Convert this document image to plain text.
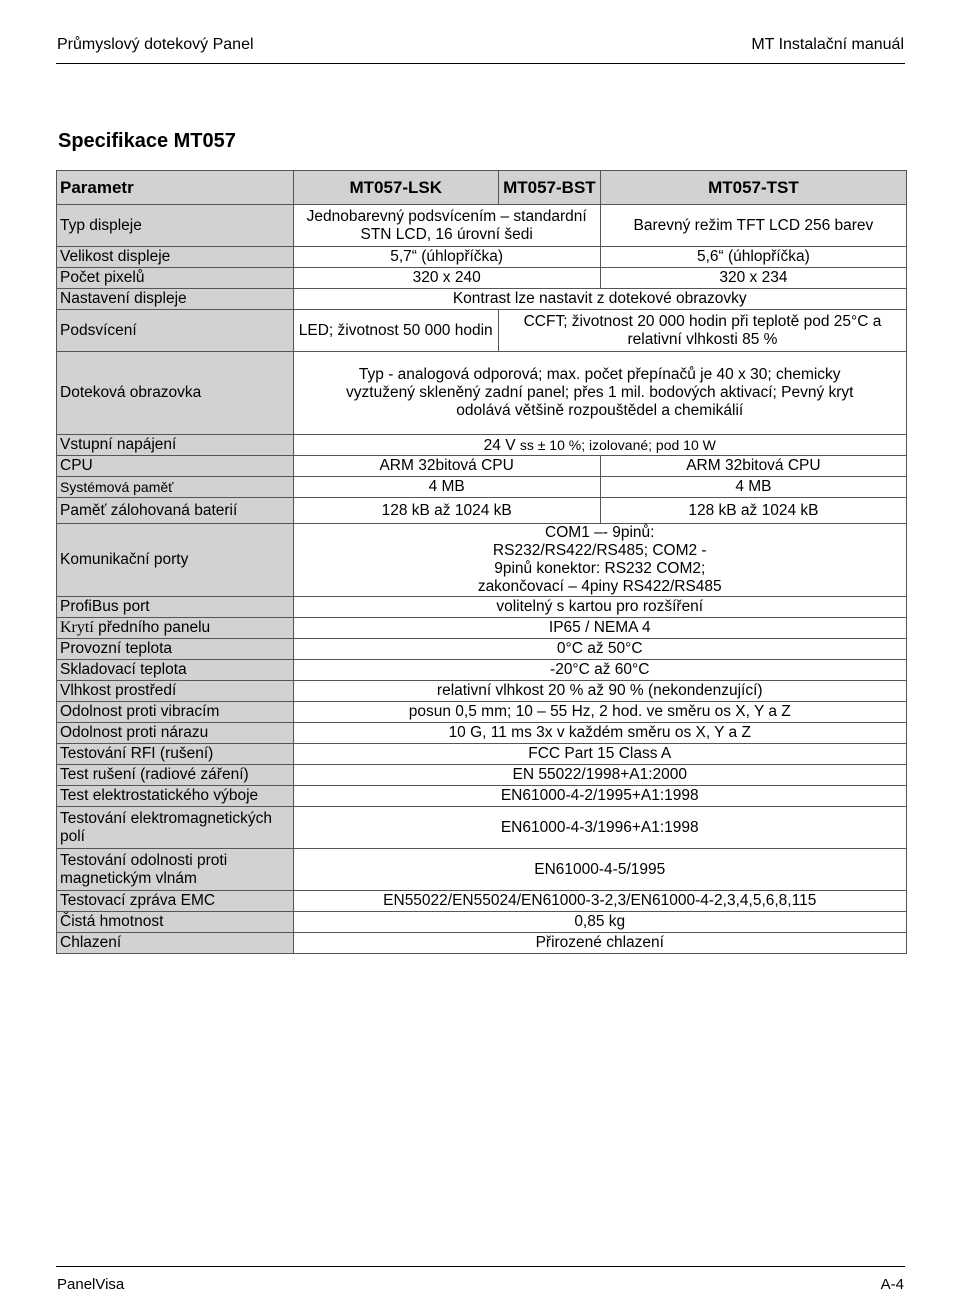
Průmyslový dotekový Panel	MT Instalační manuál
Specifikace MT057
Parametr	MT057-LSK	MT057-BST	MT057-TST
Typ displeje	Jednobarevný podsvícením – standardní STN LCD, 16 úrovní šedi		Barevný režim TFT LCD 256 barev
Velikost displeje	5,7“ (úhlopříčka)		5,6“ (úhlopříčka)
Počet pixelů	320 x 240		320 x 234
Nastavení displeje	Kontrast lze nastavit z dotekové obrazovky		
Podsvícení	LED; životnost 50 000 hodin	CCFT; životnost 20 000 hodin při teplotě pod 25°C a relativní vlhkosti 85 %	
Doteková obrazovka	Typ - analogová odporová; max. počet přepínačů je 40 x 30; chemicky vyztužený skleněný zadní panel; přes 1 mil. bodových aktivací; Pevný kryt odolává většině rozpouštědel a chemikálií		
Vstupní napájení	24 V ss ± 10 %; izolované; pod 10 W		
CPU	ARM 32bitová CPU		ARM 32bitová CPU
Systémová paměť	4 MB		4 MB
Paměť zálohovaná baterií	128 kB až 1024 kB		128 kB až 1024 kB
Komunikační porty	COM1 –- 9pinů: RS232/RS422/RS485; COM2 - 9pinů konektor: RS232 COM2; zakončovací – 4piny RS422/RS485		
ProfiBus port	volitelný s kartou pro rozšíření		
Krytí předního panelu	IP65 / NEMA 4		
Provozní teplota	0°C až 50°C		
Skladovací teplota	-20°C až 60°C		
Vlhkost prostředí	relativní vlhkost 20 % až 90 % (nekondenzující)		
Odolnost proti vibracím	posun 0,5 mm; 10 – 55 Hz, 2 hod. ve směru os X, Y a Z		
Odolnost proti nárazu	10 G, 11 ms 3x v každém směru os X, Y a Z		
Testování RFI (rušení)	FCC Part 15 Class A		
Test rušení (radiové záření)	EN 55022/1998+A1:2000		
Test elektrostatického výboje	EN61000-4-2/1995+A1:1998		
Testování elektromagnetických polí	EN61000-4-3/1996+A1:1998		
Testování odolnosti proti magnetickým vlnám	EN61000-4-5/1995		
Testovací zpráva EMC	EN55022/EN55024/EN61000-3-2,3/EN61000-4-2,3,4,5,6,8,115		
Čistá hmotnost	0,85 kg		
Chlazení	Přirozené chlazení		
PanelVisa	A-4
